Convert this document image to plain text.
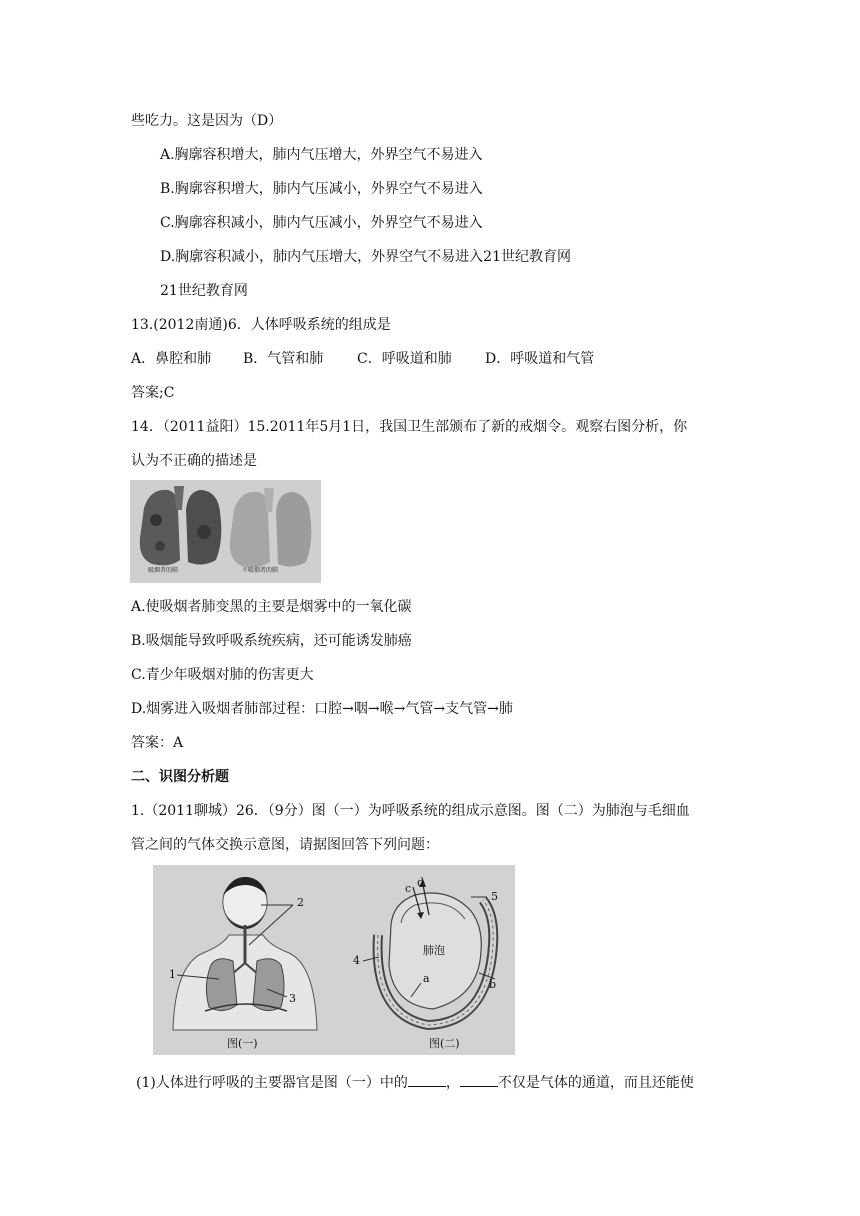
些吃力。这是因为（D）
A.胸廓容积增大，肺内气压增大，外界空气不易进入
B.胸廓容积增大，肺内气压减小，外界空气不易进入
C.胸廓容积减小，肺内气压减小，外界空气不易进入
D.胸廓容积减小，肺内气压增大，外界空气不易进入21世纪教育网
21世纪教育网
13.(2012南通)6．人体呼吸系统的组成是
A．鼻腔和肺 B．气管和肺 C．呼吸道和肺 D．呼吸道和气管
答案;C
14．（2011益阳）15.2011年5月1日，我国卫生部颁布了新的戒烟令。观察右图分析，你
认为不正确的描述是
吸烟者的肺	不吸烟者的肺
A.使吸烟者肺变黑的主要是烟雾中的一氧化碳
B.吸烟能导致呼吸系统疾病，还可能诱发肺癌
C.青少年吸烟对肺的伤害更大
D.烟雾进入吸烟者肺部过程：口腔→咽→喉→气管→支气管→肺
答案：A
二、识图分析题
1.（2011聊城）26．（9分）图（一）为呼吸系统的组成示意图。图（二）为肺泡与毛细血
管之间的气体交换示意图，请据图回答下列问题：
2
1
3
c d
5
4
肺泡
b
a
图(一)	图(二)
(1)人体进行呼吸的主要器官是图（一）中的	，	不仅是气体的通道，而且还能使
